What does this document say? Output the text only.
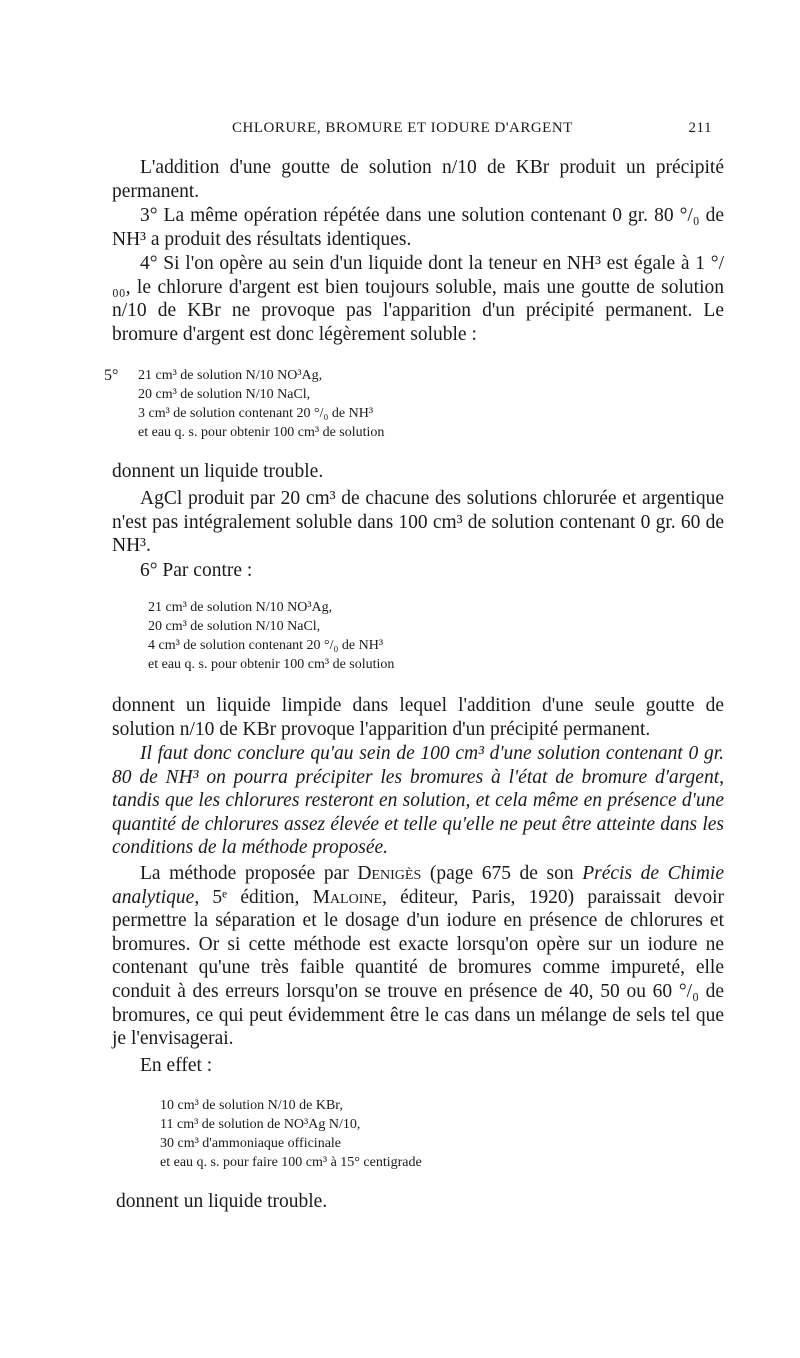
CHLORURE, BROMURE ET IODURE D'ARGENT	211

L'addition d'une goutte de solution n/10 de KBr produit un précipité permanent.

3° La même opération répétée dans une solution contenant 0 gr. 80 °/₀ de NH³ a produit des résultats identiques.

4° Si l'on opère au sein d'un liquide dont la teneur en NH³ est égale à 1 °/₀₀, le chlorure d'argent est bien toujours soluble, mais une goutte de solution n/10 de KBr ne provoque pas l'apparition d'un précipité permanent. Le bromure d'argent est donc légèrement soluble :

5° 21 cm³ de solution N/10 NO³Ag,
20 cm³ de solution N/10 NaCl,
3 cm³ de solution contenant 20 °/₀ de NH³
et eau q. s. pour obtenir 100 cm³ de solution

donnent un liquide trouble.

AgCl produit par 20 cm³ de chacune des solutions chlorurée et argentique n'est pas intégralement soluble dans 100 cm³ de solution contenant 0 gr. 60 de NH³.

6° Par contre :

21 cm³ de solution N/10 NO³Ag,
20 cm³ de solution N/10 NaCl,
4 cm³ de solution contenant 20 °/₀ de NH³
et eau q. s. pour obtenir 100 cm³ de solution

donnent un liquide limpide dans lequel l'addition d'une seule goutte de solution n/10 de KBr provoque l'apparition d'un précipité permanent.

Il faut donc conclure qu'au sein de 100 cm³ d'une solution contenant 0 gr. 80 de NH³ on pourra précipiter les bromures à l'état de bromure d'argent, tandis que les chlorures resteront en solution, et cela même en présence d'une quantité de chlorures assez élevée et telle qu'elle ne peut être atteinte dans les conditions de la méthode proposée.

La méthode proposée par Denigès (page 675 de son Précis de Chimie analytique, 5ᵉ édition, Maloine, éditeur, Paris, 1920) paraissait devoir permettre la séparation et le dosage d'un iodure en présence de chlorures et bromures. Or si cette méthode est exacte lorsqu'on opère sur un iodure ne contenant qu'une très faible quantité de bromures comme impureté, elle conduit à des erreurs lorsqu'on se trouve en présence de 40, 50 ou 60 °/₀ de bromures, ce qui peut évidemment être le cas dans un mélange de sels tel que je l'envisagerai.

En effet :

10 cm³ de solution N/10 de KBr,
11 cm³ de solution de NO³Ag N/10,
30 cm³ d'ammoniaque officinale
et eau q. s. pour faire 100 cm³ à 15° centigrade

donnent un liquide trouble.
